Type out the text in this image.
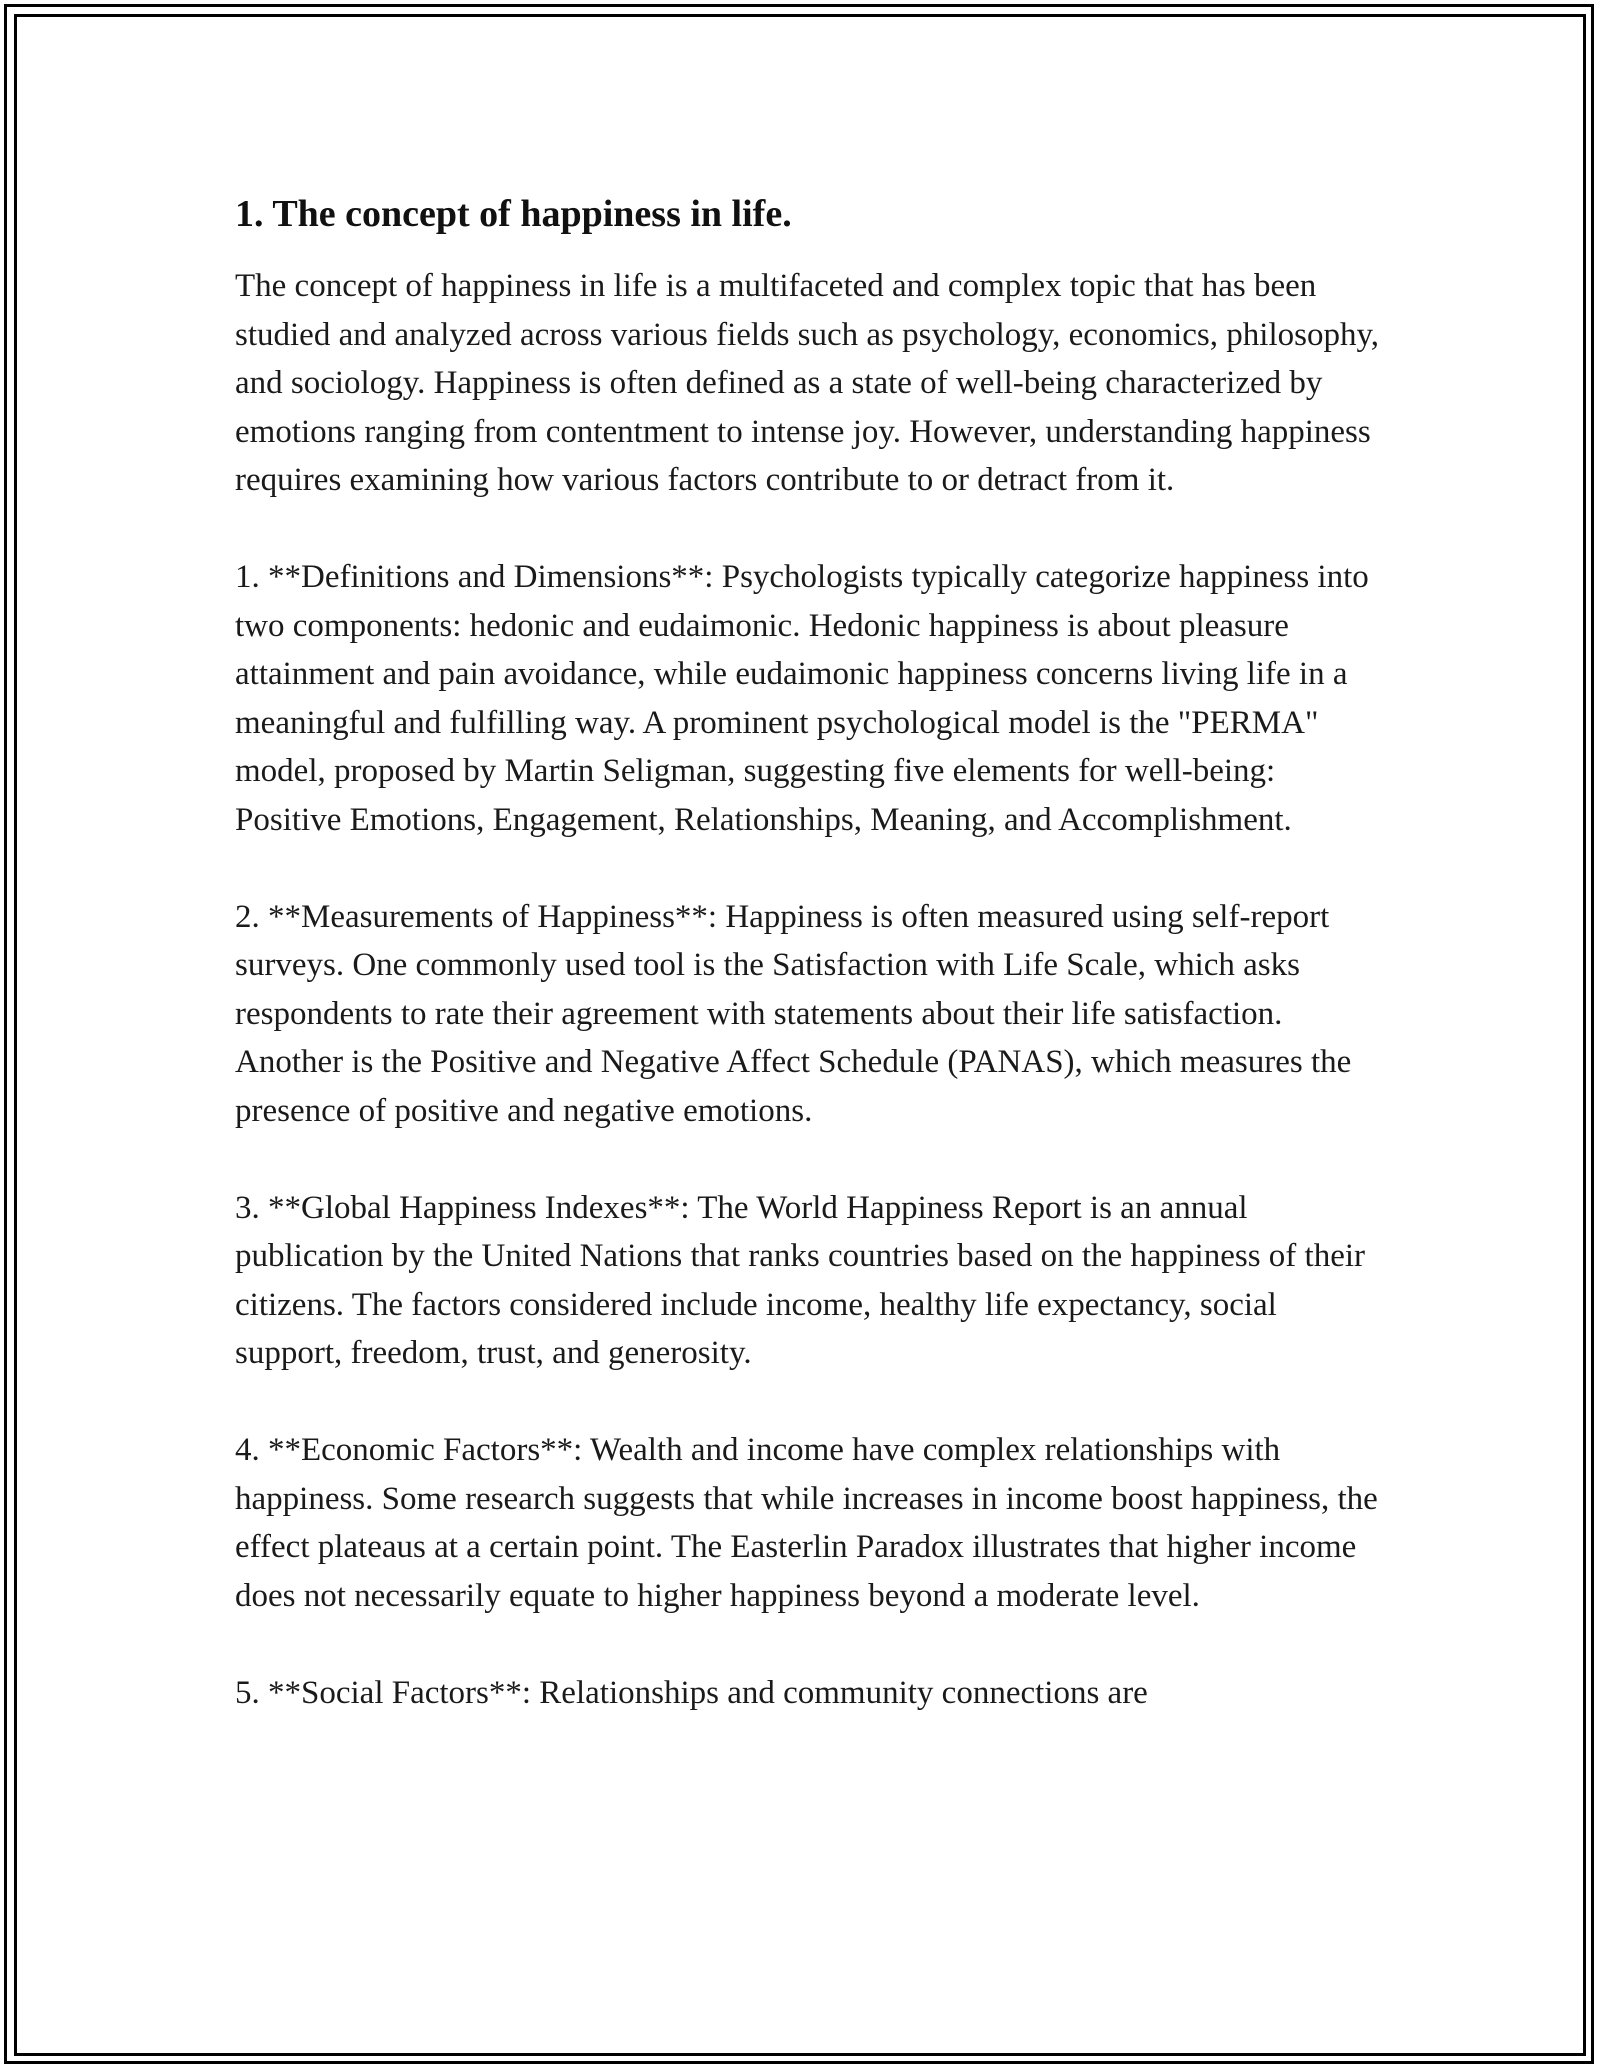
1. The concept of happiness in life.

The concept of happiness in life is a multifaceted and complex topic that has been studied and analyzed across various fields such as psychology, economics, philosophy, and sociology. Happiness is often defined as a state of well-being characterized by emotions ranging from contentment to intense joy. However, understanding happiness requires examining how various factors contribute to or detract from it.

1. **Definitions and Dimensions**: Psychologists typically categorize happiness into two components: hedonic and eudaimonic. Hedonic happiness is about pleasure attainment and pain avoidance, while eudaimonic happiness concerns living life in a meaningful and fulfilling way. A prominent psychological model is the "PERMA" model, proposed by Martin Seligman, suggesting five elements for well-being: Positive Emotions, Engagement, Relationships, Meaning, and Accomplishment.

2. **Measurements of Happiness**: Happiness is often measured using self-report surveys. One commonly used tool is the Satisfaction with Life Scale, which asks respondents to rate their agreement with statements about their life satisfaction. Another is the Positive and Negative Affect Schedule (PANAS), which measures the presence of positive and negative emotions.

3. **Global Happiness Indexes**: The World Happiness Report is an annual publication by the United Nations that ranks countries based on the happiness of their citizens. The factors considered include income, healthy life expectancy, social support, freedom, trust, and generosity.

4. **Economic Factors**: Wealth and income have complex relationships with happiness. Some research suggests that while increases in income boost happiness, the effect plateaus at a certain point. The Easterlin Paradox illustrates that higher income does not necessarily equate to higher happiness beyond a moderate level.

5. **Social Factors**: Relationships and community connections are
